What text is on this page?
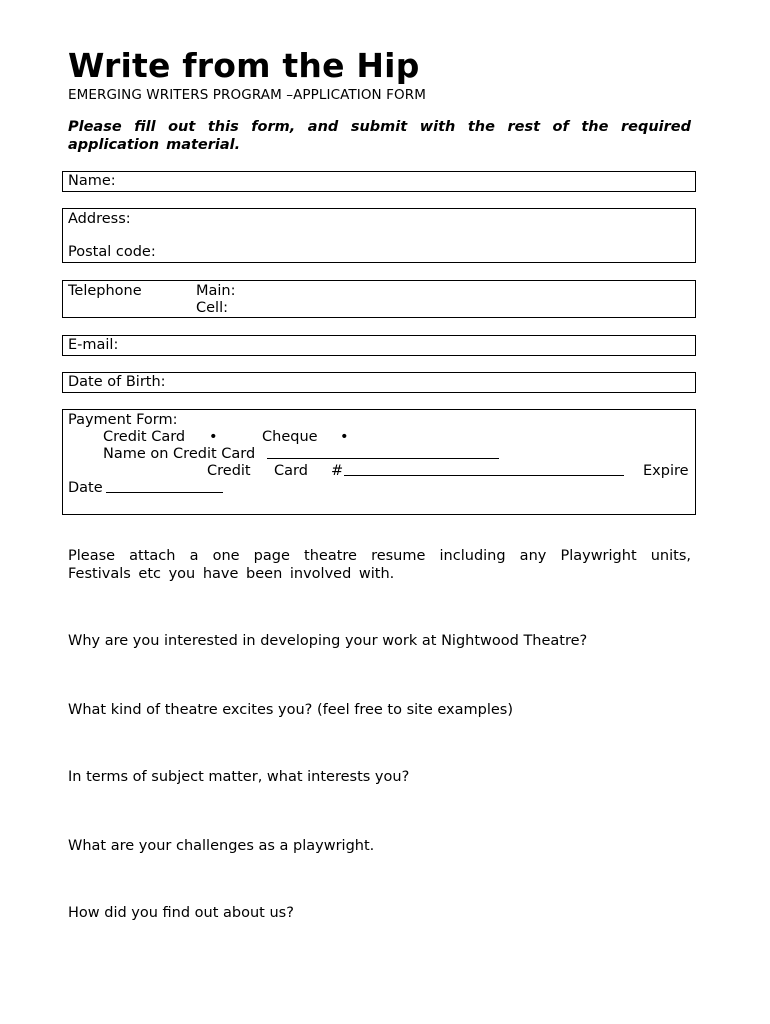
Write from the Hip
EMERGING WRITERS PROGRAM –APPLICATION FORM
Please fill out this form, and submit with the rest of the required application material.
Name:
Address:
Postal code:
Telephone	Main:
Cell:
E-mail:
Date of Birth:
Payment Form:
Credit Card •	Cheque •
Name on Credit Card
Credit Card #	Expire
Date
Please attach a one page theatre resume including any Playwright units, Festivals etc you have been involved with.
Why are you interested in developing your work at Nightwood Theatre?
What kind of theatre excites you? (feel free to site examples)
In terms of subject matter, what interests you?
What are your challenges as a playwright.
How did you find out about us?
